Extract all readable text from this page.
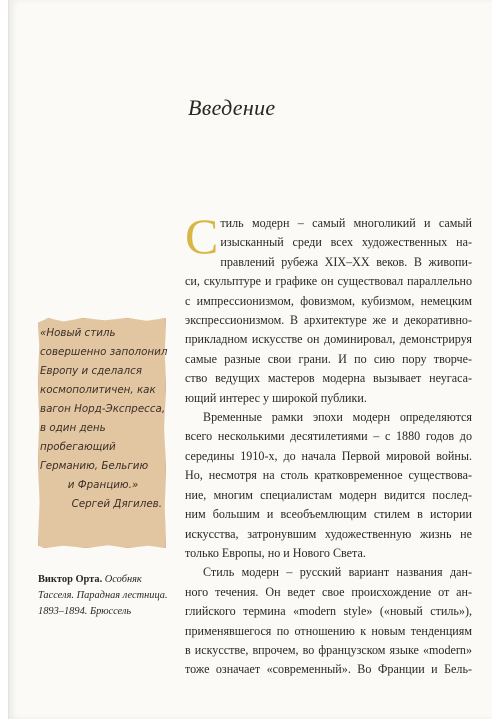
Введение
С тиль модерн – самый многоликий и самый
изысканный среди всех художественных на-
правлений рубежа XIX–XX веков. В живопи-
си, скульптуре и графике он существовал параллельно
с импрессионизмом, фовизмом, кубизмом, немецким
экспрессионизмом. В архитектуре же и декоративно-
прикладном искусстве он доминировал, демонстрируя
самые разные свои грани. И по сию пору творче-
ство ведущих мастеров модерна вызывает неугаса-
ющий интерес у широкой публики.
Временные рамки эпохи модерн определяются
всего несколькими десятилетиями – с 1880 годов до
середины 1910-х, до начала Первой мировой войны.
Но, несмотря на столь кратковременное существова-
ние, многим специалистам модерн видится послед-
ним большим и всеобъемлющим стилем в истории
искусства, затронувшим художественную жизнь не
только Европы, но и Нового Света.
Стиль модерн – русский вариант названия дан-
ного течения. Он ведет свое происхождение от ан-
глийского термина «modern style» («новый стиль»),
применявшегося по отношению к новым тенденциям
в искусстве, впрочем, во французском языке «modern»
тоже означает «современный». Во Франции и Бель-
«Новый стиль
совершенно заполонил
Европу и сделался
космополитичен, как
вагон Норд-Экспресса,
в один день
пробегающий
Германию, Бельгию
и Францию.»
Сергей Дягилев.
Виктор Орта. Особняк
Тасселя. Парадная лестница.
1893–1894. Брюссель
